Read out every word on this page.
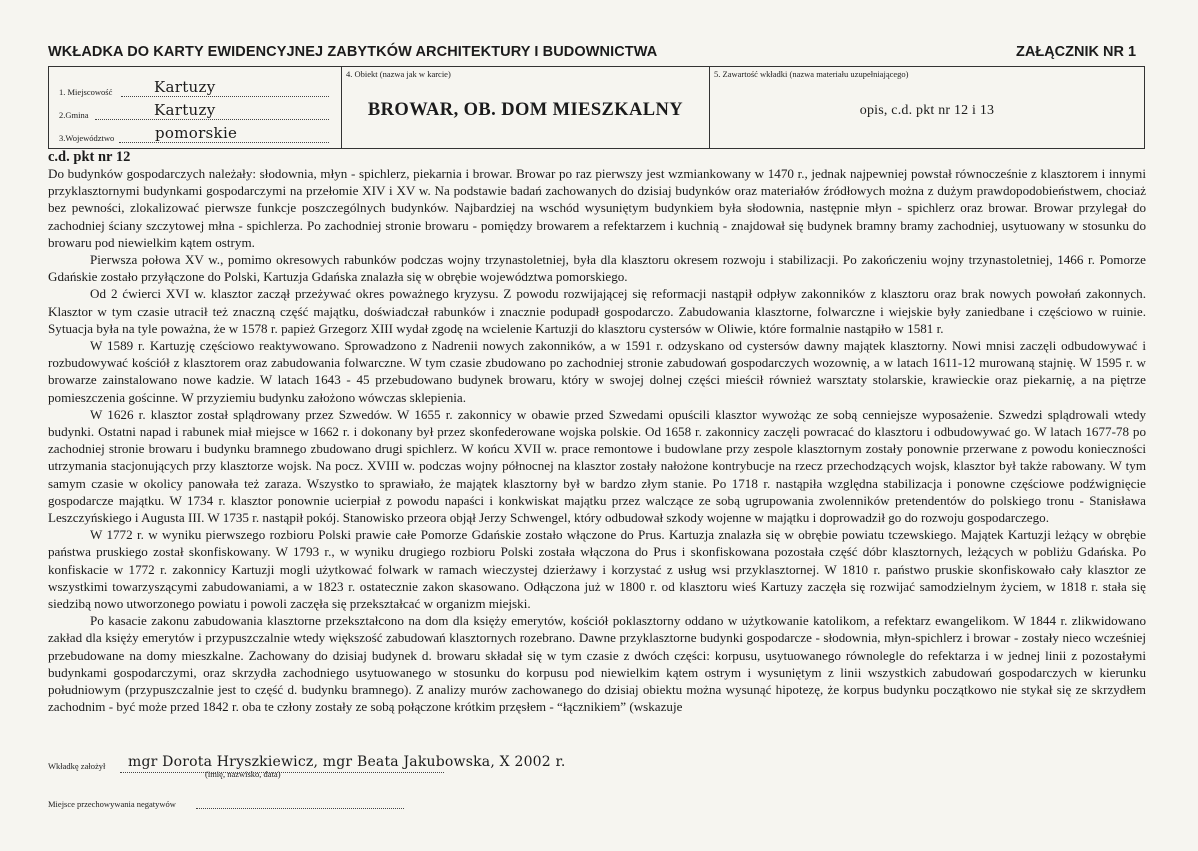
WKŁADKA DO KARTY EWIDENCYJNEJ ZABYTKÓW ARCHITEKTURY I BUDOWNICTWA	ZAŁĄCZNIK NR 1
1. Miejscowość	Kartuzy
2.Gmina	Kartuzy
3.Województwo	pomorskie
4. Obiekt (nazwa jak w karcie)
BROWAR, OB. DOM MIESZKALNY
5. Zawartość wkładki (nazwa materiału uzupełniającego)
opis, c.d. pkt nr 12 i 13
c.d. pkt nr 12

Do budynków gospodarczych należały: słodownia, młyn - spichlerz, piekarnia i browar. Browar po raz pierwszy jest wzmiankowany w 1470 r., jednak najpewniej powstał równocześnie z klasztorem i innymi przyklasztornymi budynkami gospodarczymi na przełomie XIV i XV w. Na podstawie badań zachowanych do dzisiaj budynków oraz materiałów źródłowych można z dużym prawdopodobieństwem, chociaż bez pewności, zlokalizować pierwsze funkcje poszczególnych budynków. Najbardziej na wschód wysuniętym budynkiem była słodownia, następnie młyn - spichlerz oraz browar. Browar przylegał do zachodniej ściany szczytowej młna - spichlerza. Po zachodniej stronie browaru - pomiędzy browarem a refektarzem i kuchnią - znajdował się budynek bramny bramy zachodniej, usytuowany w stosunku do browaru pod niewielkim kątem ostrym.

Pierwsza połowa XV w., pomimo okresowych rabunków podczas wojny trzynastoletniej, była dla klasztoru okresem rozwoju i stabilizacji. Po zakończeniu wojny trzynastoletniej, 1466 r. Pomorze Gdańskie zostało przyłączone do Polski, Kartuzja Gdańska znalazła się w obrębie województwa pomorskiego.

Od 2 ćwierci XVI w. klasztor zaczął przeżywać okres poważnego kryzysu. Z powodu rozwijającej się reformacji nastąpił odpływ zakonników z klasztoru oraz brak nowych powołań zakonnych. Klasztor w tym czasie utracił też znaczną część majątku, doświadczał rabunków i znacznie podupadł gospodarczo. Zabudowania klasztorne, folwarczne i wiejskie były zaniedbane i częściowo w ruinie. Sytuacja była na tyle poważna, że w 1578 r. papież Grzegorz XIII wydał zgodę na wcielenie Kartuzji do klasztoru cystersów w Oliwie, które formalnie nastąpiło w 1581 r.

W 1589 r. Kartuzję częściowo reaktywowano. Sprowadzono z Nadrenii nowych zakonników, a w 1591 r. odzyskano od cystersów dawny majątek klasztorny. Nowi mnisi zaczęli odbudowywać i rozbudowywać kościół z klasztorem oraz zabudowania folwarczne. W tym czasie zbudowano po zachodniej stronie zabudowań gospodarczych wozownię, a w latach 1611-12 murowaną stajnię. W 1595 r. w browarze zainstalowano nowe kadzie. W latach 1643 - 45 przebudowano budynek browaru, który w swojej dolnej części mieścił również warsztaty stolarskie, krawieckie oraz piekarnię, a na piętrze pomieszczenia gościnne. W przyziemiu budynku założono wówczas sklepienia.

W 1626 r. klasztor został splądrowany przez Szwedów. W 1655 r. zakonnicy w obawie przed Szwedami opuścili klasztor wywożąc ze sobą cenniejsze wyposażenie. Szwedzi splądrowali wtedy budynki. Ostatni napad i rabunek miał miejsce w 1662 r. i dokonany był przez skonfederowane wojska polskie. Od 1658 r. zakonnicy zaczęli powracać do klasztoru i odbudowywać go. W latach 1677-78 po zachodniej stronie browaru i budynku bramnego zbudowano drugi spichlerz. W końcu XVII w. prace remontowe i budowlane przy zespole klasztornym zostały ponownie przerwane z powodu konieczności utrzymania stacjonujących przy klasztorze wojsk. Na pocz. XVIII w. podczas wojny północnej na klasztor zostały nałożone kontrybucje na rzecz przechodzących wojsk, klasztor był także rabowany. W tym samym czasie w okolicy panowała też zaraza. Wszystko to sprawiało, że majątek klasztorny był w bardzo złym stanie. Po 1718 r. nastąpiła względna stabilizacja i ponowne częściowe podźwignięcie gospodarcze majątku. W 1734 r. klasztor ponownie ucierpiał z powodu napaści i konkwiskat majątku przez walczące ze sobą ugrupowania zwolenników pretendentów do polskiego tronu - Stanisława Leszczyńskiego i Augusta III. W 1735 r. nastąpił pokój. Stanowisko przeora objął Jerzy Schwengel, który odbudował szkody wojenne w majątku i doprowadził go do rozwoju gospodarczego.

W 1772 r. w wyniku pierwszego rozbioru Polski prawie całe Pomorze Gdańskie zostało włączone do Prus. Kartuzja znalazła się w obrębie powiatu tczewskiego. Majątek Kartuzji leżący w obrębie państwa pruskiego został skonfiskowany. W 1793 r., w wyniku drugiego rozbioru Polski została włączona do Prus i skonfiskowana pozostała część dóbr klasztornych, leżących w pobliżu Gdańska. Po konfiskacie w 1772 r. zakonnicy Kartuzji mogli użytkować folwark w ramach wieczystej dzierżawy i korzystać z usług wsi przyklasztornej. W 1810 r. państwo pruskie skonfiskowało cały klasztor ze wszystkimi towarzyszącymi zabudowaniami, a w 1823 r. ostatecznie zakon skasowano. Odłączona już w 1800 r. od klasztoru wieś Kartuzy zaczęła się rozwijać samodzielnym życiem, w 1818 r. stała się siedzibą nowo utworzonego powiatu i powoli zaczęła się przekształcać w organizm miejski.

Po kasacie zakonu zabudowania klasztorne przekształcono na dom dla księży emerytów, kościół poklasztorny oddano w użytkowanie katolikom, a refektarz ewangelikom. W 1844 r. zlikwidowano zakład dla księży emerytów i przypuszczalnie wtedy większość zabudowań klasztornych rozebrano. Dawne przyklasztorne budynki gospodarcze - słodownia, młyn-spichlerz i browar - zostały nieco wcześniej przebudowane na domy mieszkalne. Zachowany do dzisiaj budynek d. browaru składał się w tym czasie z dwóch części: korpusu, usytuowanego równolegle do refektarza i w jednej linii z pozostałymi budynkami gospodarczymi, oraz skrzydła zachodniego usytuowanego w stosunku do korpusu pod niewielkim kątem ostrym i wysuniętym z linii wszystkich zabudowań gospodarczych w kierunku południowym (przypuszczalnie jest to część d. budynku bramnego). Z analizy murów zachowanego do dzisiaj obiektu można wysunąć hipotezę, że korpus budynku początkowo nie stykał się ze skrzydłem zachodnim - być może przed 1842 r. oba te człony zostały ze sobą połączone krótkim przęsłem - “łącznikiem” (wskazuje

Wkładkę założył mgr Dorota Hryszkiewicz, mgr Beata Jakubowska, X 2002 r.
(imię, nazwisko, data)
Miejsce przechowywania negatywów
